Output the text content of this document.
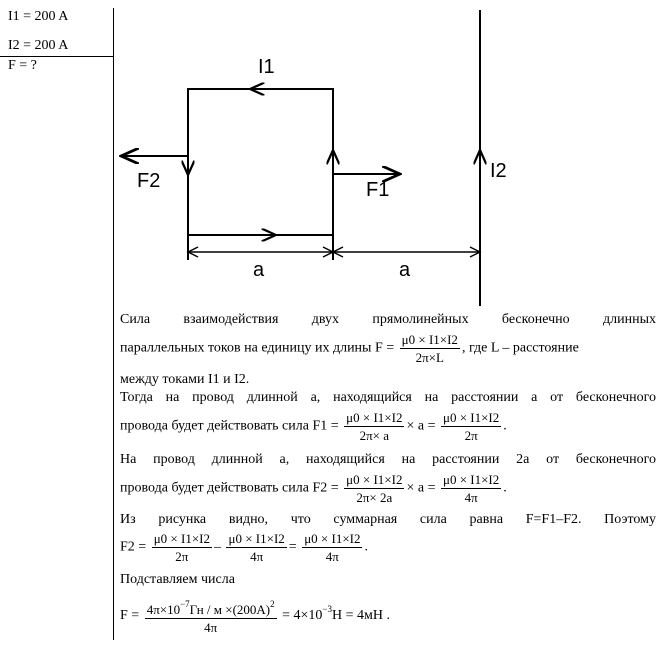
I1 = 200 A
I2 = 200 A
F = ?	I1
I2
F2	F1
a	a
Сила взаимодействия двух прямолинейных бесконечно длинных
параллельных токов на единицу их длины $F = \frac{\mu 0 \times I1\times I2}{2\pi\times L}$ , где L – расстояние
между токами I1 и I2.
Тогда на провод длинной а, находящийся на расстоянии а от бесконечного
провода будет действовать сила $F1 = \frac{\mu 0 \times I1\times I2}{2\pi\times a} \times a = \frac{\mu 0 \times I1\times I2}{2\pi}$ .
На провод длинной а, находящийся на расстоянии 2а от бесконечного
провода будет действовать сила $F2 = \frac{\mu 0 \times I1\times I2}{2\pi\times 2a} \times a = \frac{\mu 0 \times I1\times I2}{4\pi}$ .
Из рисунка видно, что суммарная сила равна F=F1–F2. Поэтому
$F2 = \frac{\mu 0 \times I1\times I2}{2\pi} - \frac{\mu 0 \times I1\times I2}{4\pi} = \frac{\mu 0 \times I1\times I2}{4\pi}$ .
Подставляем числа
$F = \frac{4\pi\times 10^{-7}Гн / м \times(200А)^2}{4\pi} = 4\times 10^{-3}Н = 4мН$ .
